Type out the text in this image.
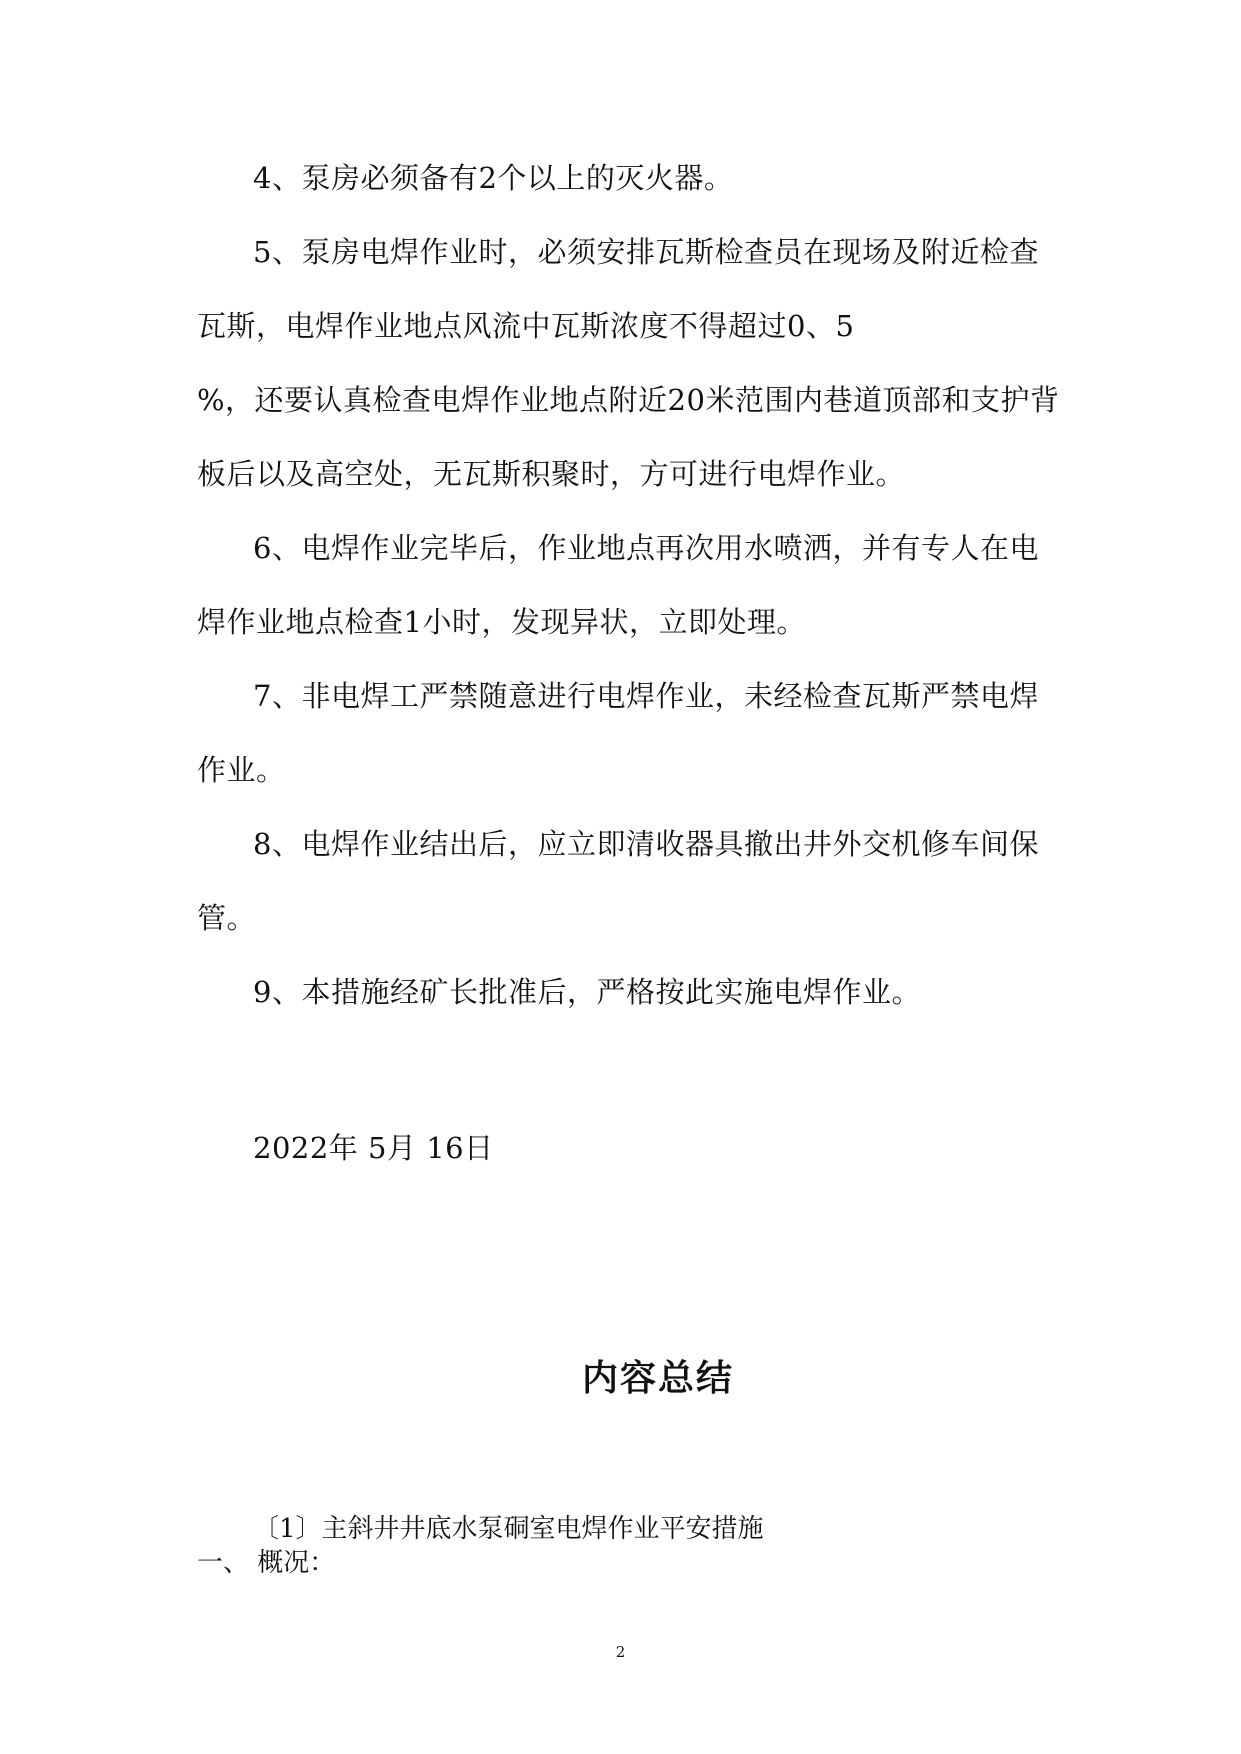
4、泵房必须备有2个以上的灭火器。
5、泵房电焊作业时，必须安排瓦斯检查员在现场及附近检查
瓦斯，电焊作业地点风流中瓦斯浓度不得超过0、5
%，还要认真检查电焊作业地点附近20米范围内巷道顶部和支护背
板后以及高空处，无瓦斯积聚时，方可进行电焊作业。
6、电焊作业完毕后，作业地点再次用水喷洒，并有专人在电
焊作业地点检查1小时，发现异状，立即处理。
7、非电焊工严禁随意进行电焊作业，未经检查瓦斯严禁电焊
作业。
8、电焊作业结出后，应立即清收器具撤出井外交机修车间保
管。
9、本措施经矿长批准后，严格按此实施电焊作业。
2022年 5月 16日
内容总结
〔1〕主斜井井底水泵硐室电焊作业平安措施
一、 概况：
2
